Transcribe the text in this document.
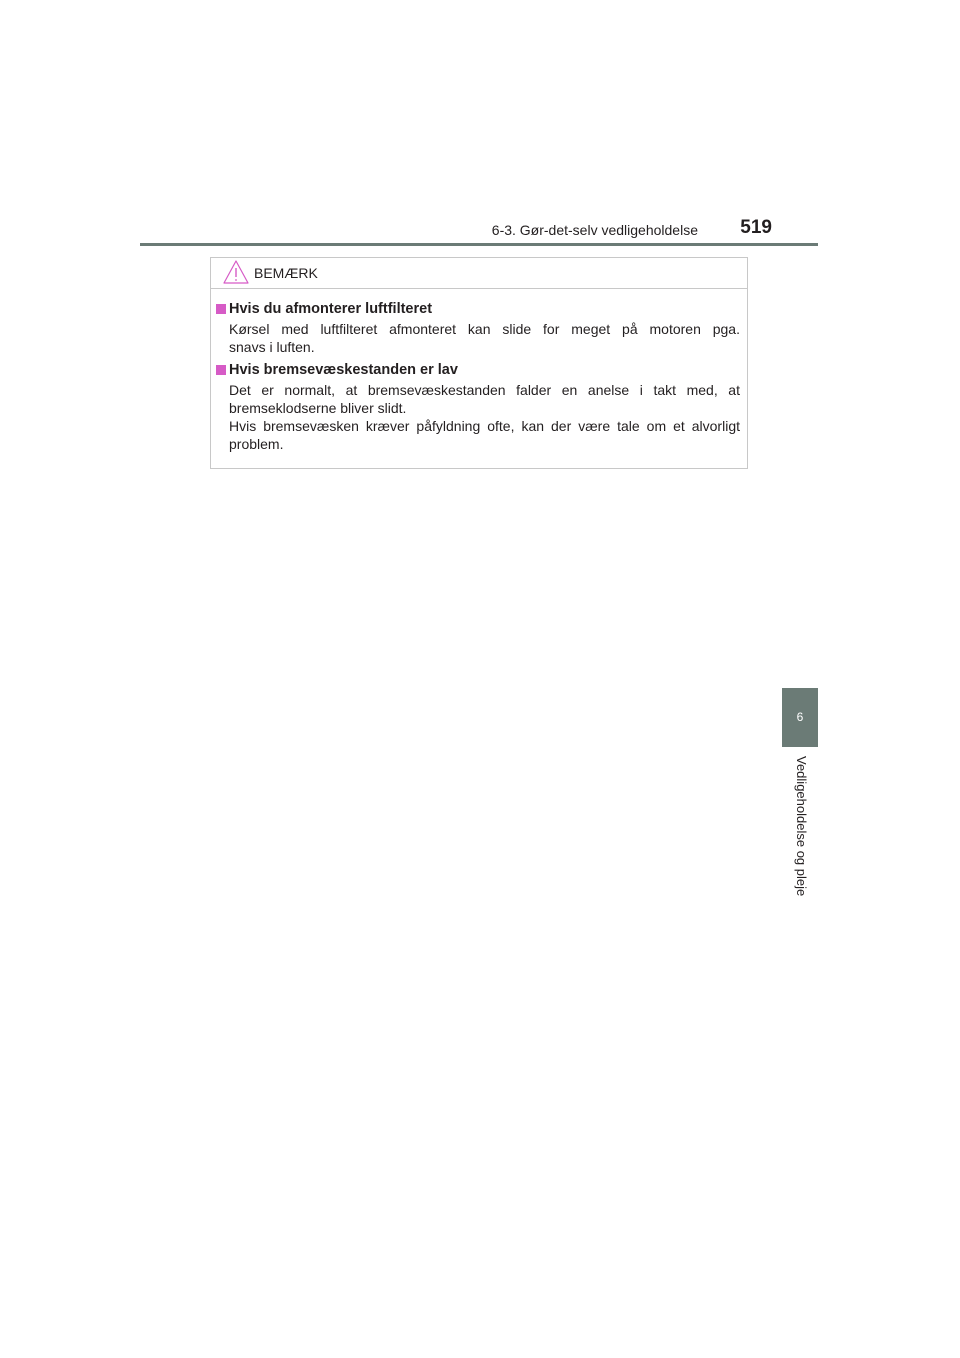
6-3. Gør-det-selv vedligeholdelse 519
BEMÆRK
Hvis du afmonterer luftfilteret
Kørsel med luftfilteret afmonteret kan slide for meget på motoren pga.
snavs i luften.
Hvis bremsevæskestanden er lav
Det er normalt, at bremsevæskestanden falder en anelse i takt med, at
bremseklodserne bliver slidt.
Hvis bremsevæsken kræver påfyldning ofte, kan der være tale om et alvorligt
problem.
6
Vedligeholdelse og pleje
